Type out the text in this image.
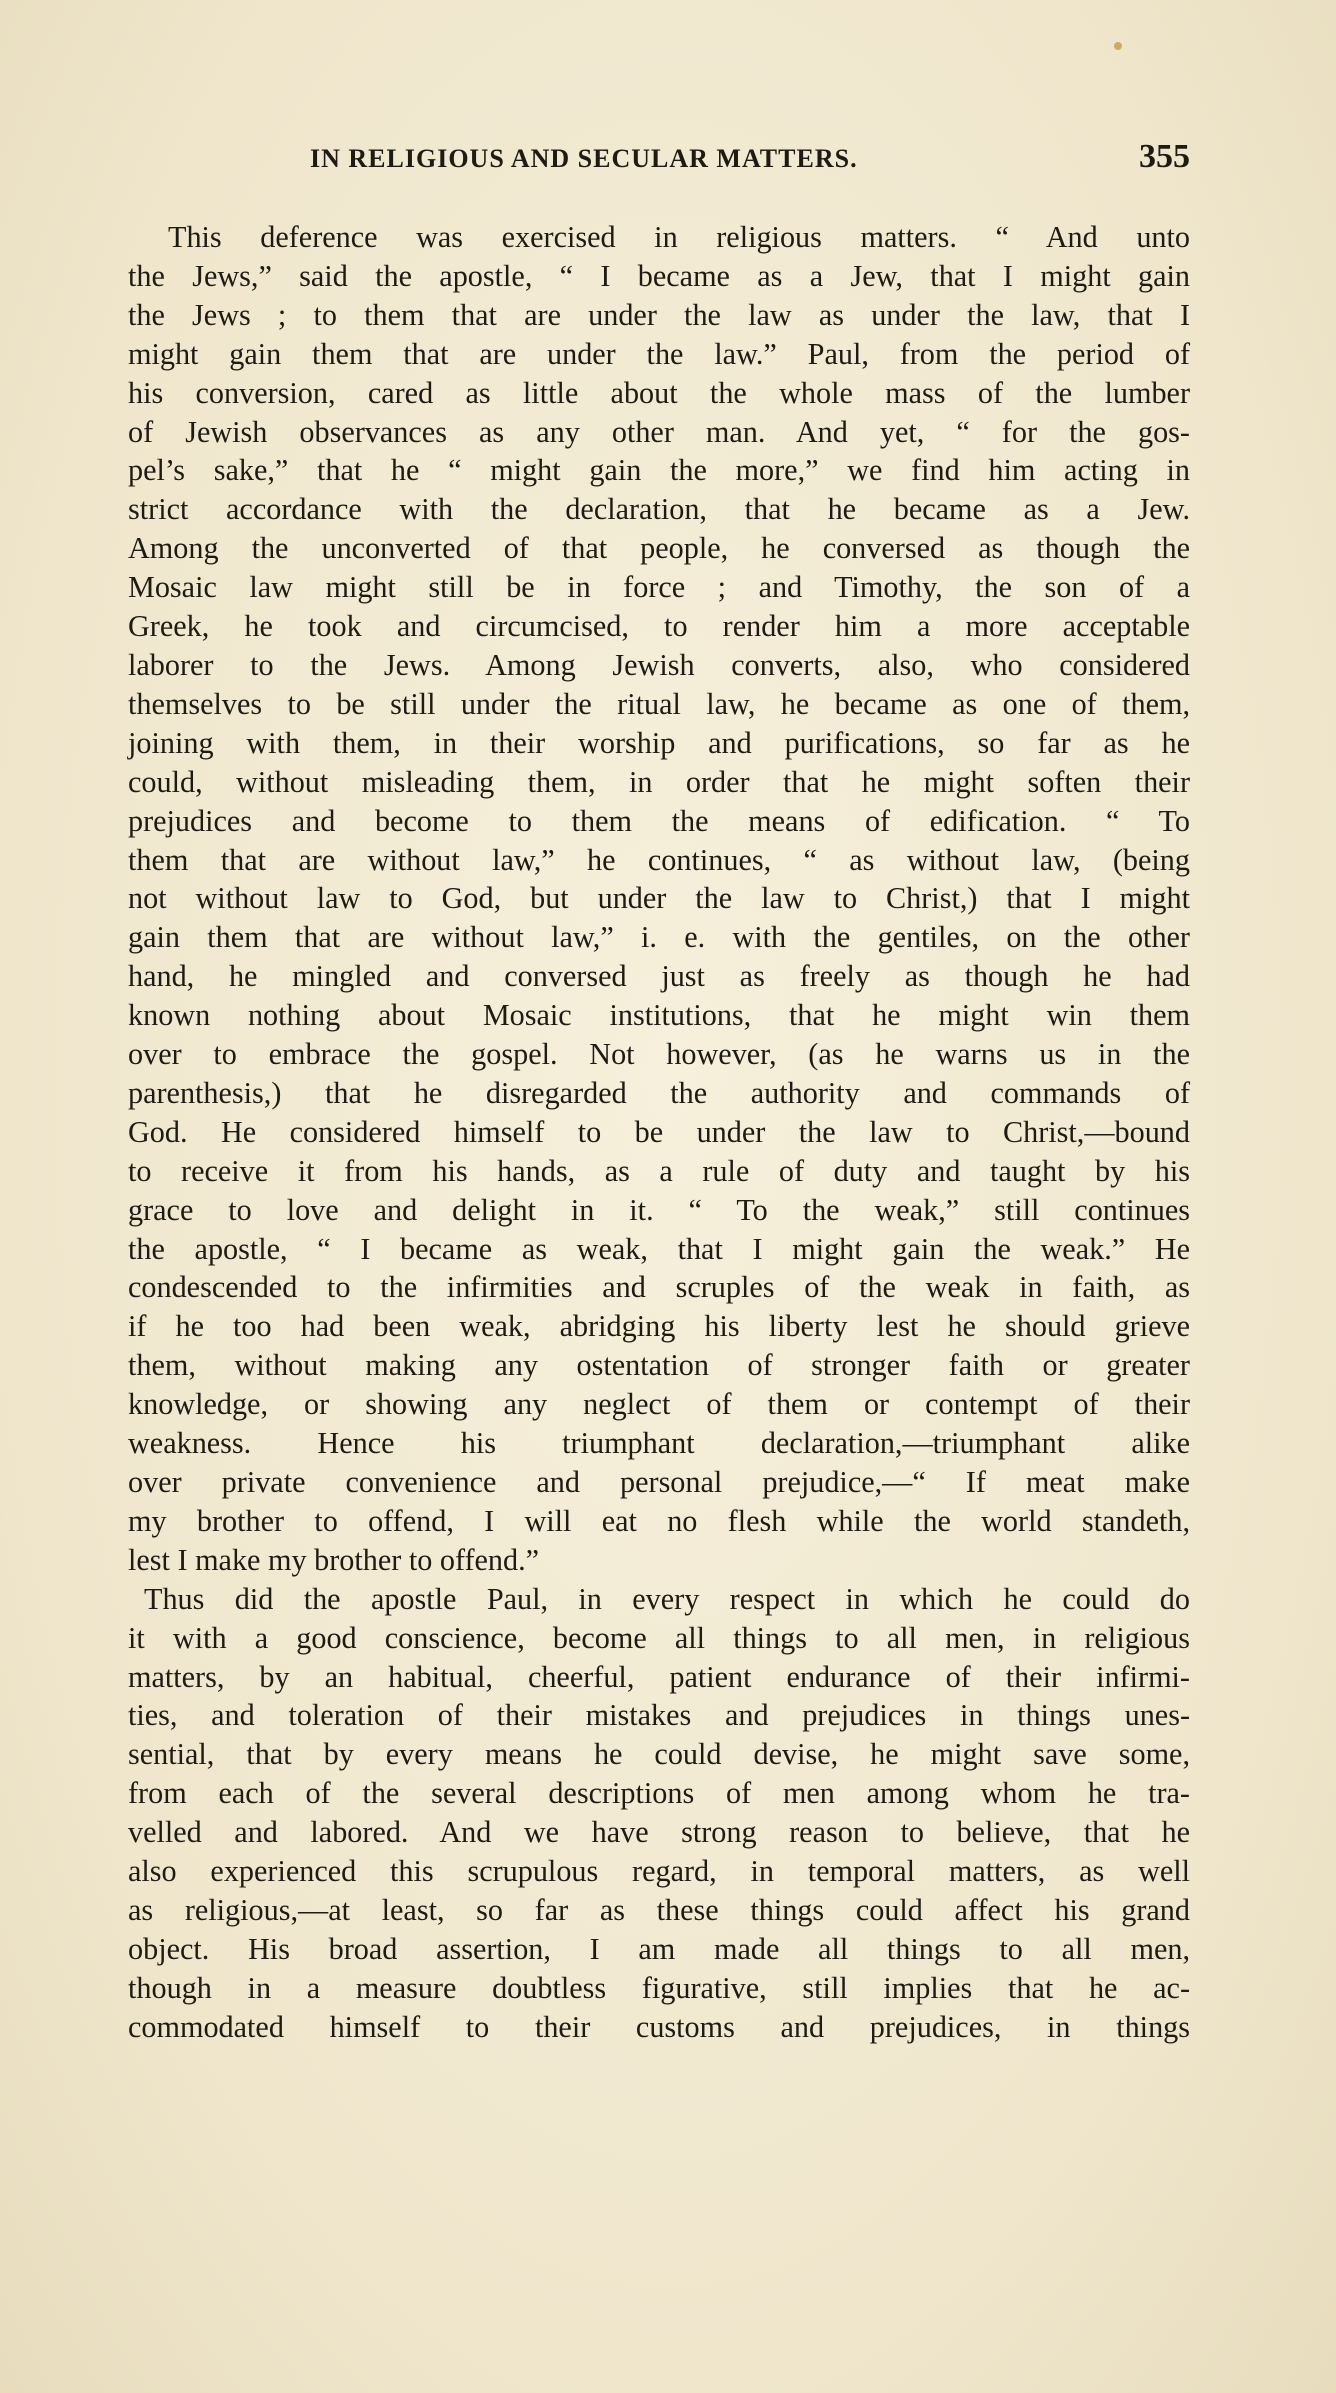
IN RELIGIOUS AND SECULAR MATTERS.	355
This deference was exercised in religious matters. “ And unto
the Jews,” said the apostle, “ I became as a Jew, that I might gain
the Jews ; to them that are under the law as under the law, that I
might gain them that are under the law.” Paul, from the period of
his conversion, cared as little about the whole mass of the lumber
of Jewish observances as any other man. And yet, “ for the gos-
pel’s sake,” that he “ might gain the more,” we find him acting in
strict accordance with the declaration, that he became as a Jew.
Among the unconverted of that people, he conversed as though the
Mosaic law might still be in force ; and Timothy, the son of a
Greek, he took and circumcised, to render him a more acceptable
laborer to the Jews. Among Jewish converts, also, who considered
themselves to be still under the ritual law, he became as one of them,
joining with them, in their worship and purifications, so far as he
could, without misleading them, in order that he might soften their
prejudices and become to them the means of edification. “ To
them that are without law,” he continues, “ as without law, (being
not without law to God, but under the law to Christ,) that I might
gain them that are without law,” i. e. with the gentiles, on the other
hand, he mingled and conversed just as freely as though he had
known nothing about Mosaic institutions, that he might win them
over to embrace the gospel. Not however, (as he warns us in the
parenthesis,) that he disregarded the authority and commands of
God. He considered himself to be under the law to Christ,—bound
to receive it from his hands, as a rule of duty and taught by his
grace to love and delight in it. “ To the weak,” still continues
the apostle, “ I became as weak, that I might gain the weak.” He
condescended to the infirmities and scruples of the weak in faith, as
if he too had been weak, abridging his liberty lest he should grieve
them, without making any ostentation of stronger faith or greater
knowledge, or showing any neglect of them or contempt of their
weakness. Hence his triumphant declaration,—triumphant alike
over private convenience and personal prejudice,—“ If meat make
my brother to offend, I will eat no flesh while the world standeth,
lest I make my brother to offend.”
Thus did the apostle Paul, in every respect in which he could do
it with a good conscience, become all things to all men, in religious
matters, by an habitual, cheerful, patient endurance of their infirmi-
ties, and toleration of their mistakes and prejudices in things unes-
sential, that by every means he could devise, he might save some,
from each of the several descriptions of men among whom he tra-
velled and labored. And we have strong reason to believe, that he
also experienced this scrupulous regard, in temporal matters, as well
as religious,—at least, so far as these things could affect his grand
object. His broad assertion, I am made all things to all men,
though in a measure doubtless figurative, still implies that he ac-
commodated himself to their customs and prejudices, in things
